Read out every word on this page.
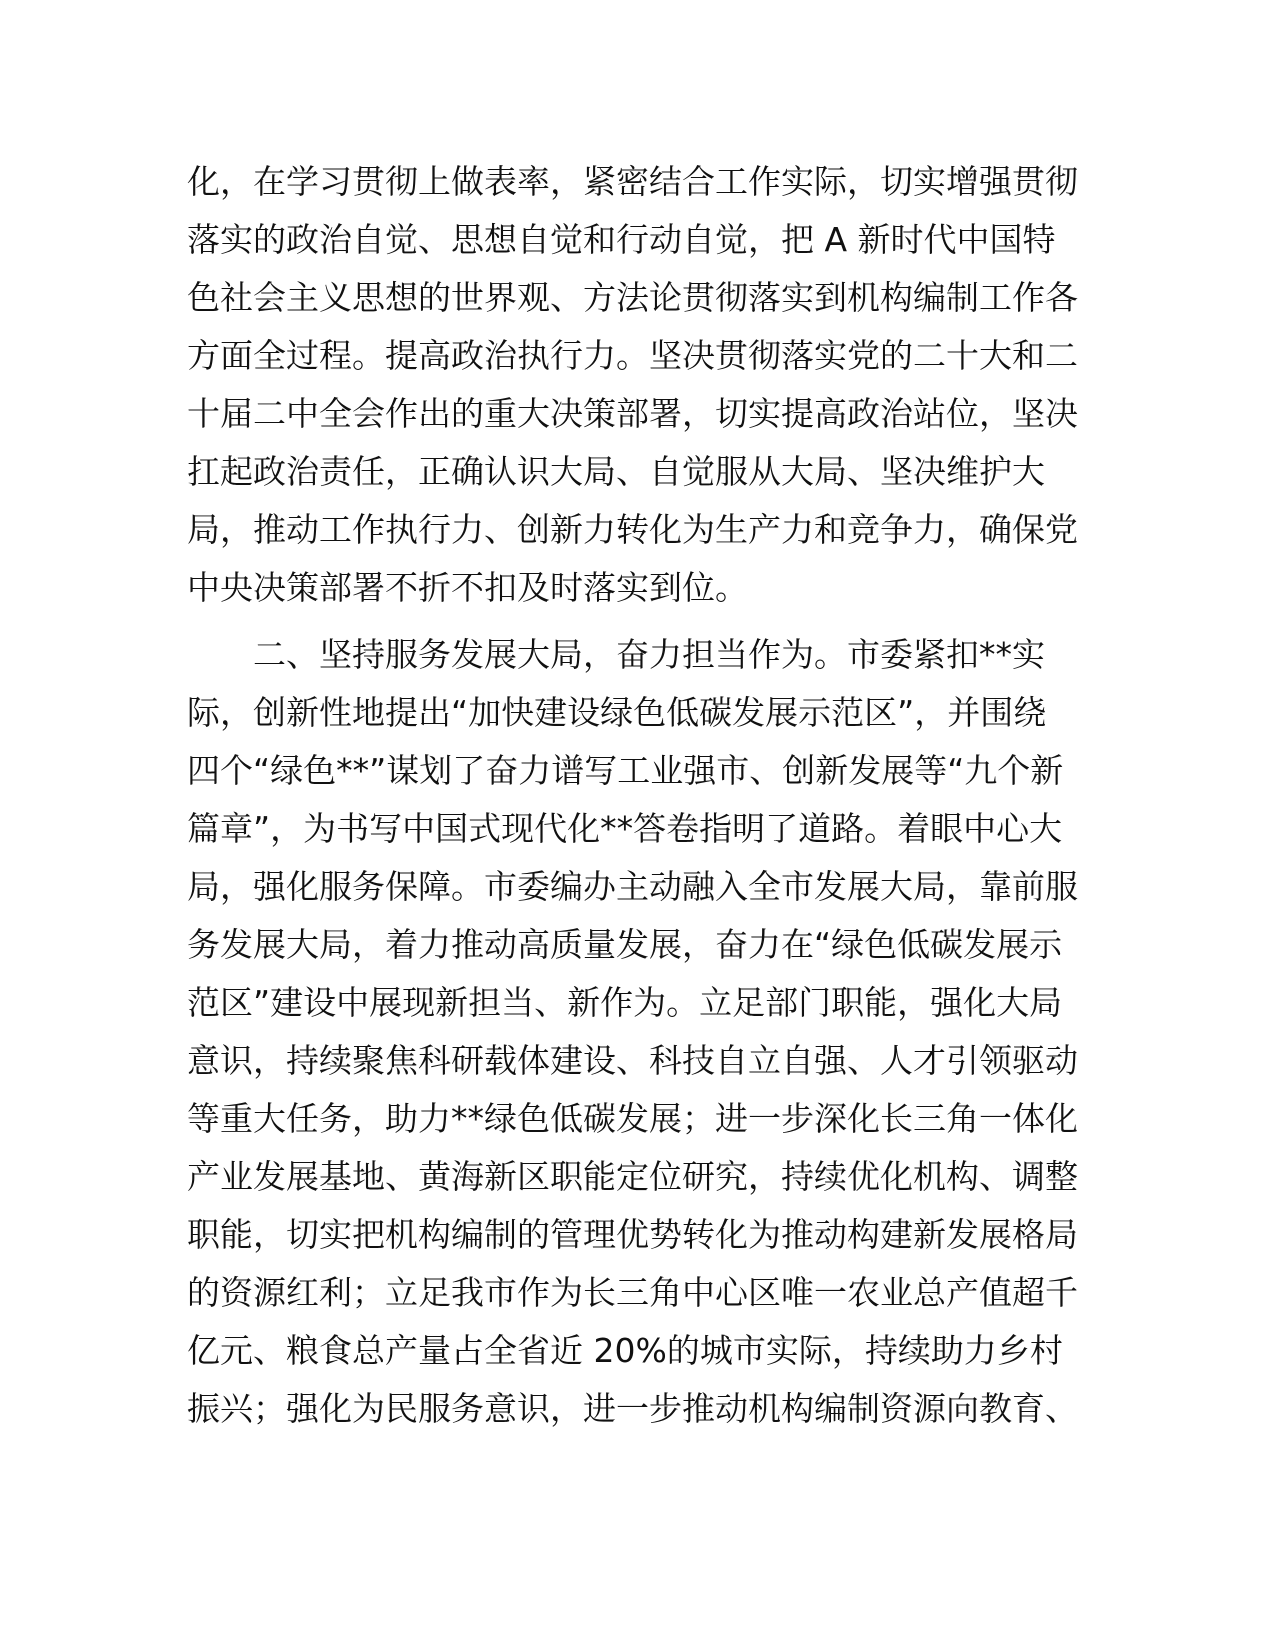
化，在学习贯彻上做表率，紧密结合工作实际，切实增强贯彻
落实的政治自觉、思想自觉和行动自觉，把 A 新时代中国特
色社会主义思想的世界观、方法论贯彻落实到机构编制工作各
方面全过程。提高政治执行力。坚决贯彻落实党的二十大和二
十届二中全会作出的重大决策部署，切实提高政治站位，坚决
扛起政治责任，正确认识大局、自觉服从大局、坚决维护大
局，推动工作执行力、创新力转化为生产力和竞争力，确保党
中央决策部署不折不扣及时落实到位。
二、坚持服务发展大局，奋力担当作为。市委紧扣**实
际，创新性地提出“加快建设绿色低碳发展示范区”，并围绕
四个“绿色**”谋划了奋力谱写工业强市、创新发展等“九个新
篇章”，为书写中国式现代化**答卷指明了道路。着眼中心大
局，强化服务保障。市委编办主动融入全市发展大局，靠前服
务发展大局，着力推动高质量发展，奋力在“绿色低碳发展示
范区”建设中展现新担当、新作为。立足部门职能，强化大局
意识，持续聚焦科研载体建设、科技自立自强、人才引领驱动
等重大任务，助力**绿色低碳发展；进一步深化长三角一体化
产业发展基地、黄海新区职能定位研究，持续优化机构、调整
职能，切实把机构编制的管理优势转化为推动构建新发展格局
的资源红利；立足我市作为长三角中心区唯一农业总产值超千
亿元、粮食总产量占全省近 20%的城市实际，持续助力乡村
振兴；强化为民服务意识，进一步推动机构编制资源向教育、
